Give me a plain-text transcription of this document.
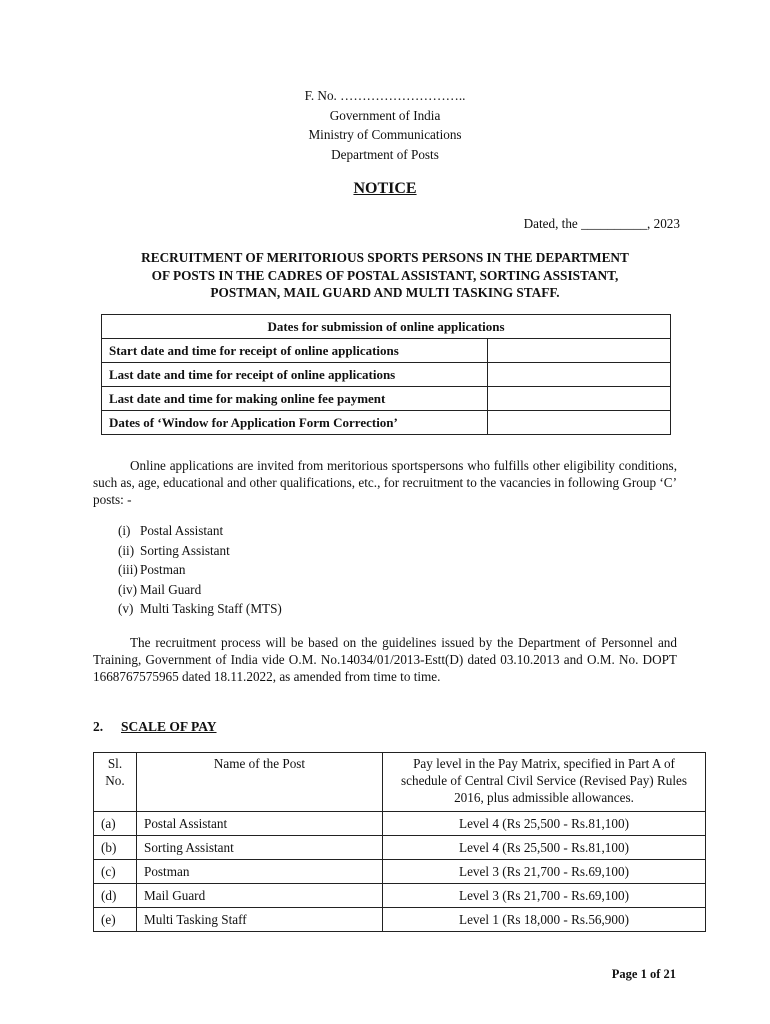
F. No. ………………………..
Government of India
Ministry of Communications
Department of Posts
NOTICE
Dated, the __________, 2023
RECRUITMENT OF MERITORIOUS SPORTS PERSONS IN THE DEPARTMENT
OF POSTS IN THE CADRES OF POSTAL ASSISTANT, SORTING ASSISTANT,
POSTMAN, MAIL GUARD AND MULTI TASKING STAFF.
Dates for submission of online applications	
Start date and time for receipt of online applications	
Last date and time for receipt of online applications	
Last date and time for making online fee payment	
Dates of ‘Window for Application Form Correction’	
Online applications are invited from meritorious sportspersons who fulfills other eligibility conditions, such as, age, educational and other qualifications, etc., for recruitment to the vacancies in following Group ‘C’ posts: -
(i) Postal Assistant
(ii) Sorting Assistant
(iii) Postman
(iv) Mail Guard
(v) Multi Tasking Staff (MTS)
The recruitment process will be based on the guidelines issued by the Department of Personnel and Training, Government of India vide O.M. No.14034/01/2013-Estt(D) dated 03.10.2013 and O.M. No. DOPT 1668767575965 dated 18.11.2022, as amended from time to time.
2. SCALE OF PAY
Sl. No.	Name of the Post	Pay level in the Pay Matrix, specified in Part A of schedule of Central Civil Service (Revised Pay) Rules 2016, plus admissible allowances.
(a)	Postal Assistant	Level 4 (Rs 25,500 - Rs.81,100)
(b)	Sorting Assistant	Level 4 (Rs 25,500 - Rs.81,100)
(c)	Postman	Level 3 (Rs 21,700 - Rs.69,100)
(d)	Mail Guard	Level 3 (Rs 21,700 - Rs.69,100)
(e)	Multi Tasking Staff	Level 1 (Rs 18,000 - Rs.56,900)
Page 1 of 21
